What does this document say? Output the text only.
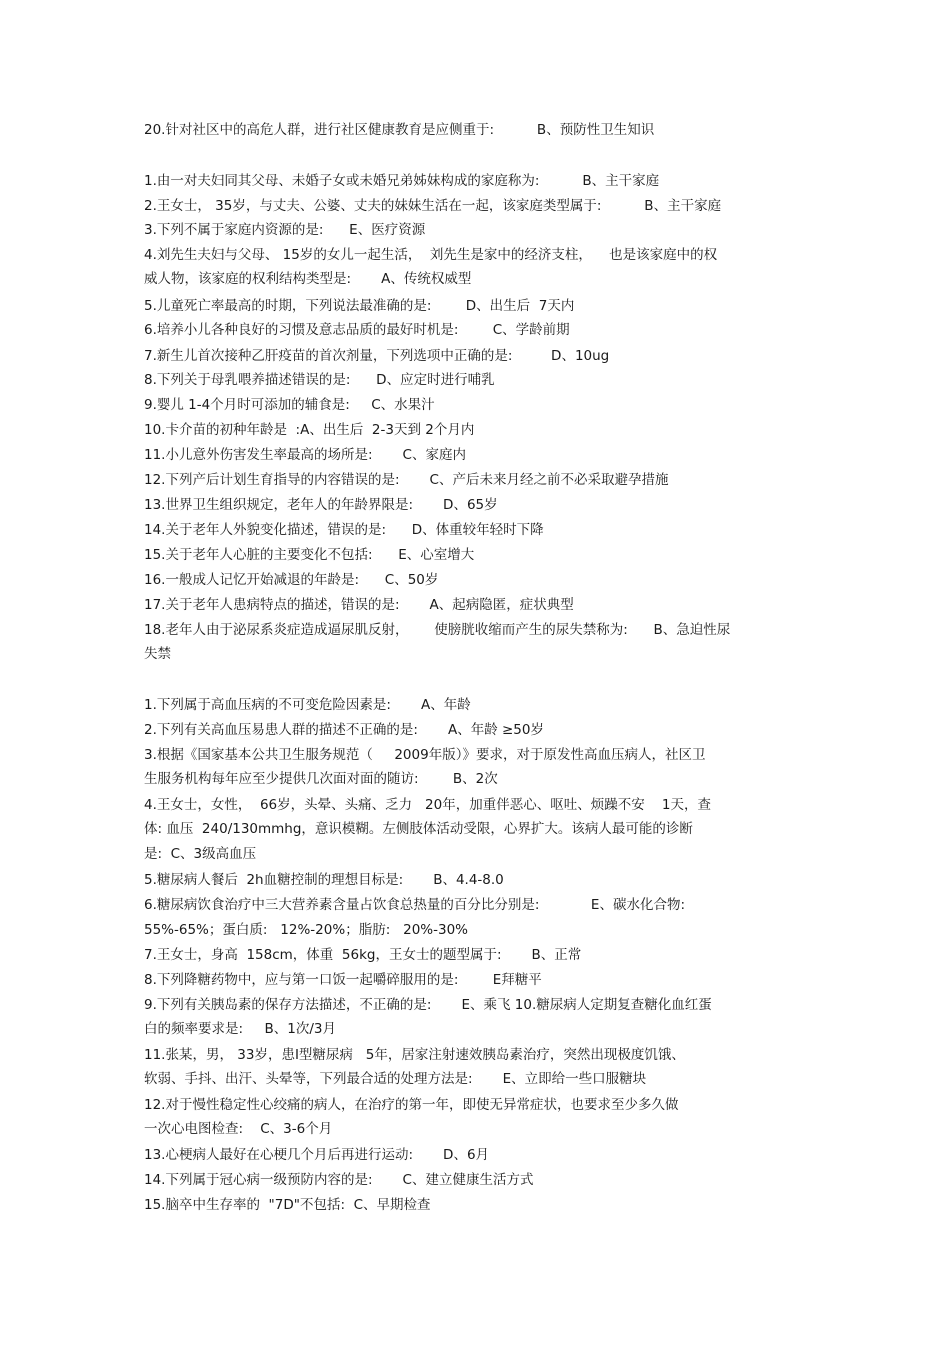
20.针对社区中的高危人群，进行社区健康教育是应侧重于:          B、预防性卫生知识
1.由一对夫妇同其父母、未婚子女或未婚兄弟姊妹构成的家庭称为:          B、主干家庭
2.王女士， 35岁，与丈夫、公婆、丈夫的妹妹生活在一起，该家庭类型属于:          B、主干家庭
3.下列不属于家庭内资源的是:      E、医疗资源
4.刘先生夫妇与父母、 15岁的女儿一起生活，  刘先生是家中的经济支柱，    也是该家庭中的权
威人物，该家庭的权利结构类型是:       A、传统权威型
5.儿童死亡率最高的时期，下列说法最准确的是:        D、出生后  7天内
6.培养小儿各种良好的习惯及意志品质的最好时机是:        C、学龄前期
7.新生儿首次接种乙肝疫苗的首次剂量，下列选项中正确的是:         D、10ug
8.下列关于母乳喂养描述错误的是:      D、应定时进行哺乳
9.婴儿 1-4个月时可添加的辅食是:     C、水果汁
10.卡介苗的初种年龄是  :A、出生后  2-3天到 2个月内
11.小儿意外伤害发生率最高的场所是:       C、家庭内
12.下列产后计划生育指导的内容错误的是:       C、产后未来月经之前不必采取避孕措施
13.世界卫生组织规定，老年人的年龄界限是:       D、65岁
14.关于老年人外貌变化描述，错误的是:      D、体重较年轻时下降
15.关于老年人心脏的主要变化不包括:      E、心室增大
16.一般成人记忆开始减退的年龄是:      C、50岁
17.关于老年人患病特点的描述，错误的是:       A、起病隐匿，症状典型
18.老年人由于泌尿系炎症造成逼尿肌反射，      使膀胱收缩而产生的尿失禁称为:      B、急迫性尿
失禁
1.下列属于高血压病的不可变危险因素是:       A、年龄
2.下列有关高血压易患人群的描述不正确的是:       A、年龄 ≥50岁
3.根据《国家基本公共卫生服务规范（     2009年版）》要求，对于原发性高血压病人，社区卫
生服务机构每年应至少提供几次面对面的随访:        B、2次
4.王女士，女性，  66岁，头晕、头痛、乏力   20年，加重伴恶心、呕吐、烦躁不安    1天，查
体: 血压  240/130mmhg，意识模糊。左侧肢体活动受限，心界扩大。该病人最可能的诊断
是:  C、3级高血压
5.糖尿病人餐后  2h血糖控制的理想目标是:       B、4.4-8.0
6.糖尿病饮食治疗中三大营养素含量占饮食总热量的百分比分别是:            E、碳水化合物:
55%-65%；蛋白质:   12%-20%；脂肪:   20%-30%
7.王女士，身高  158cm，体重  56kg，王女士的题型属于:       B、正常
8.下列降糖药物中，应与第一口饭一起嚼碎服用的是:        E拜糖平
9.下列有关胰岛素的保存方法描述，不正确的是:       E、乘飞 10.糖尿病人定期复查糖化血红蛋
白的频率要求是:     B、1次/3月
11.张某，男， 33岁，患Ⅰ型糖尿病   5年，居家注射速效胰岛素治疗，突然出现极度饥饿、
软弱、手抖、出汗、头晕等，下列最合适的处理方法是:       E、立即给一些口服糖块
12.对于慢性稳定性心绞痛的病人，在治疗的第一年，即使无异常症状，也要求至少多久做
一次心电图检查:    C、3-6个月
13.心梗病人最好在心梗几个月后再进行运动:       D、6月
14.下列属于冠心病一级预防内容的是:       C、建立健康生活方式
15.脑卒中生存率的  "7D"不包括:  C、早期检查
